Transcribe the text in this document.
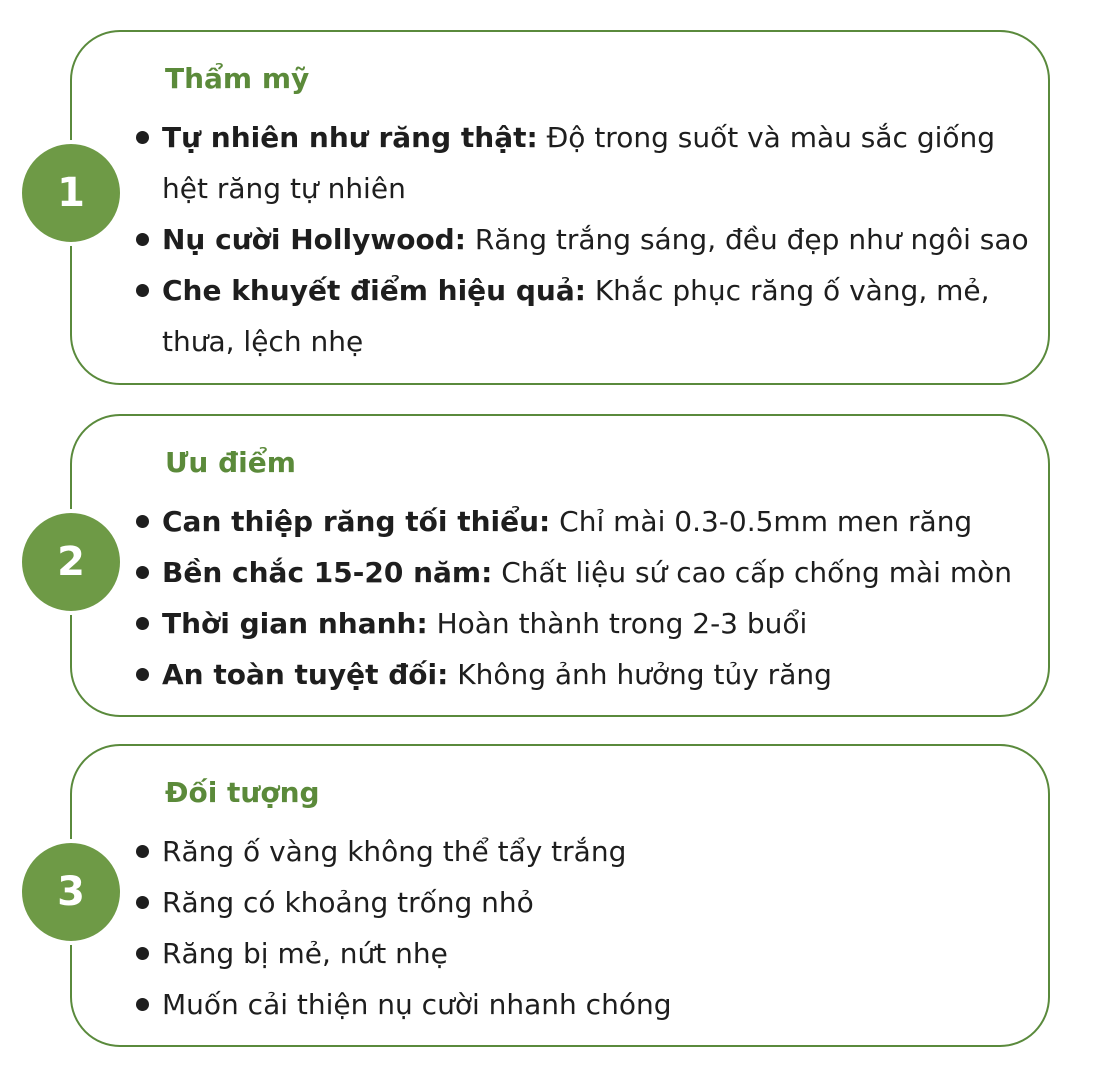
1
Thẩm mỹ
Tự nhiên như răng thật: Độ trong suốt và màu sắc giống
hệt răng tự nhiên
Nụ cười Hollywood: Răng trắng sáng, đều đẹp như ngôi sao
Che khuyết điểm hiệu quả: Khắc phục răng ố vàng, mẻ,
thưa, lệch nhẹ
2
Ưu điểm
Can thiệp răng tối thiểu: Chỉ mài 0.3-0.5mm men răng
Bền chắc 15-20 năm: Chất liệu sứ cao cấp chống mài mòn
Thời gian nhanh: Hoàn thành trong 2-3 buổi
An toàn tuyệt đối: Không ảnh hưởng tủy răng
3
Đối tượng
Răng ố vàng không thể tẩy trắng
Răng có khoảng trống nhỏ
Răng bị mẻ, nứt nhẹ
Muốn cải thiện nụ cười nhanh chóng
